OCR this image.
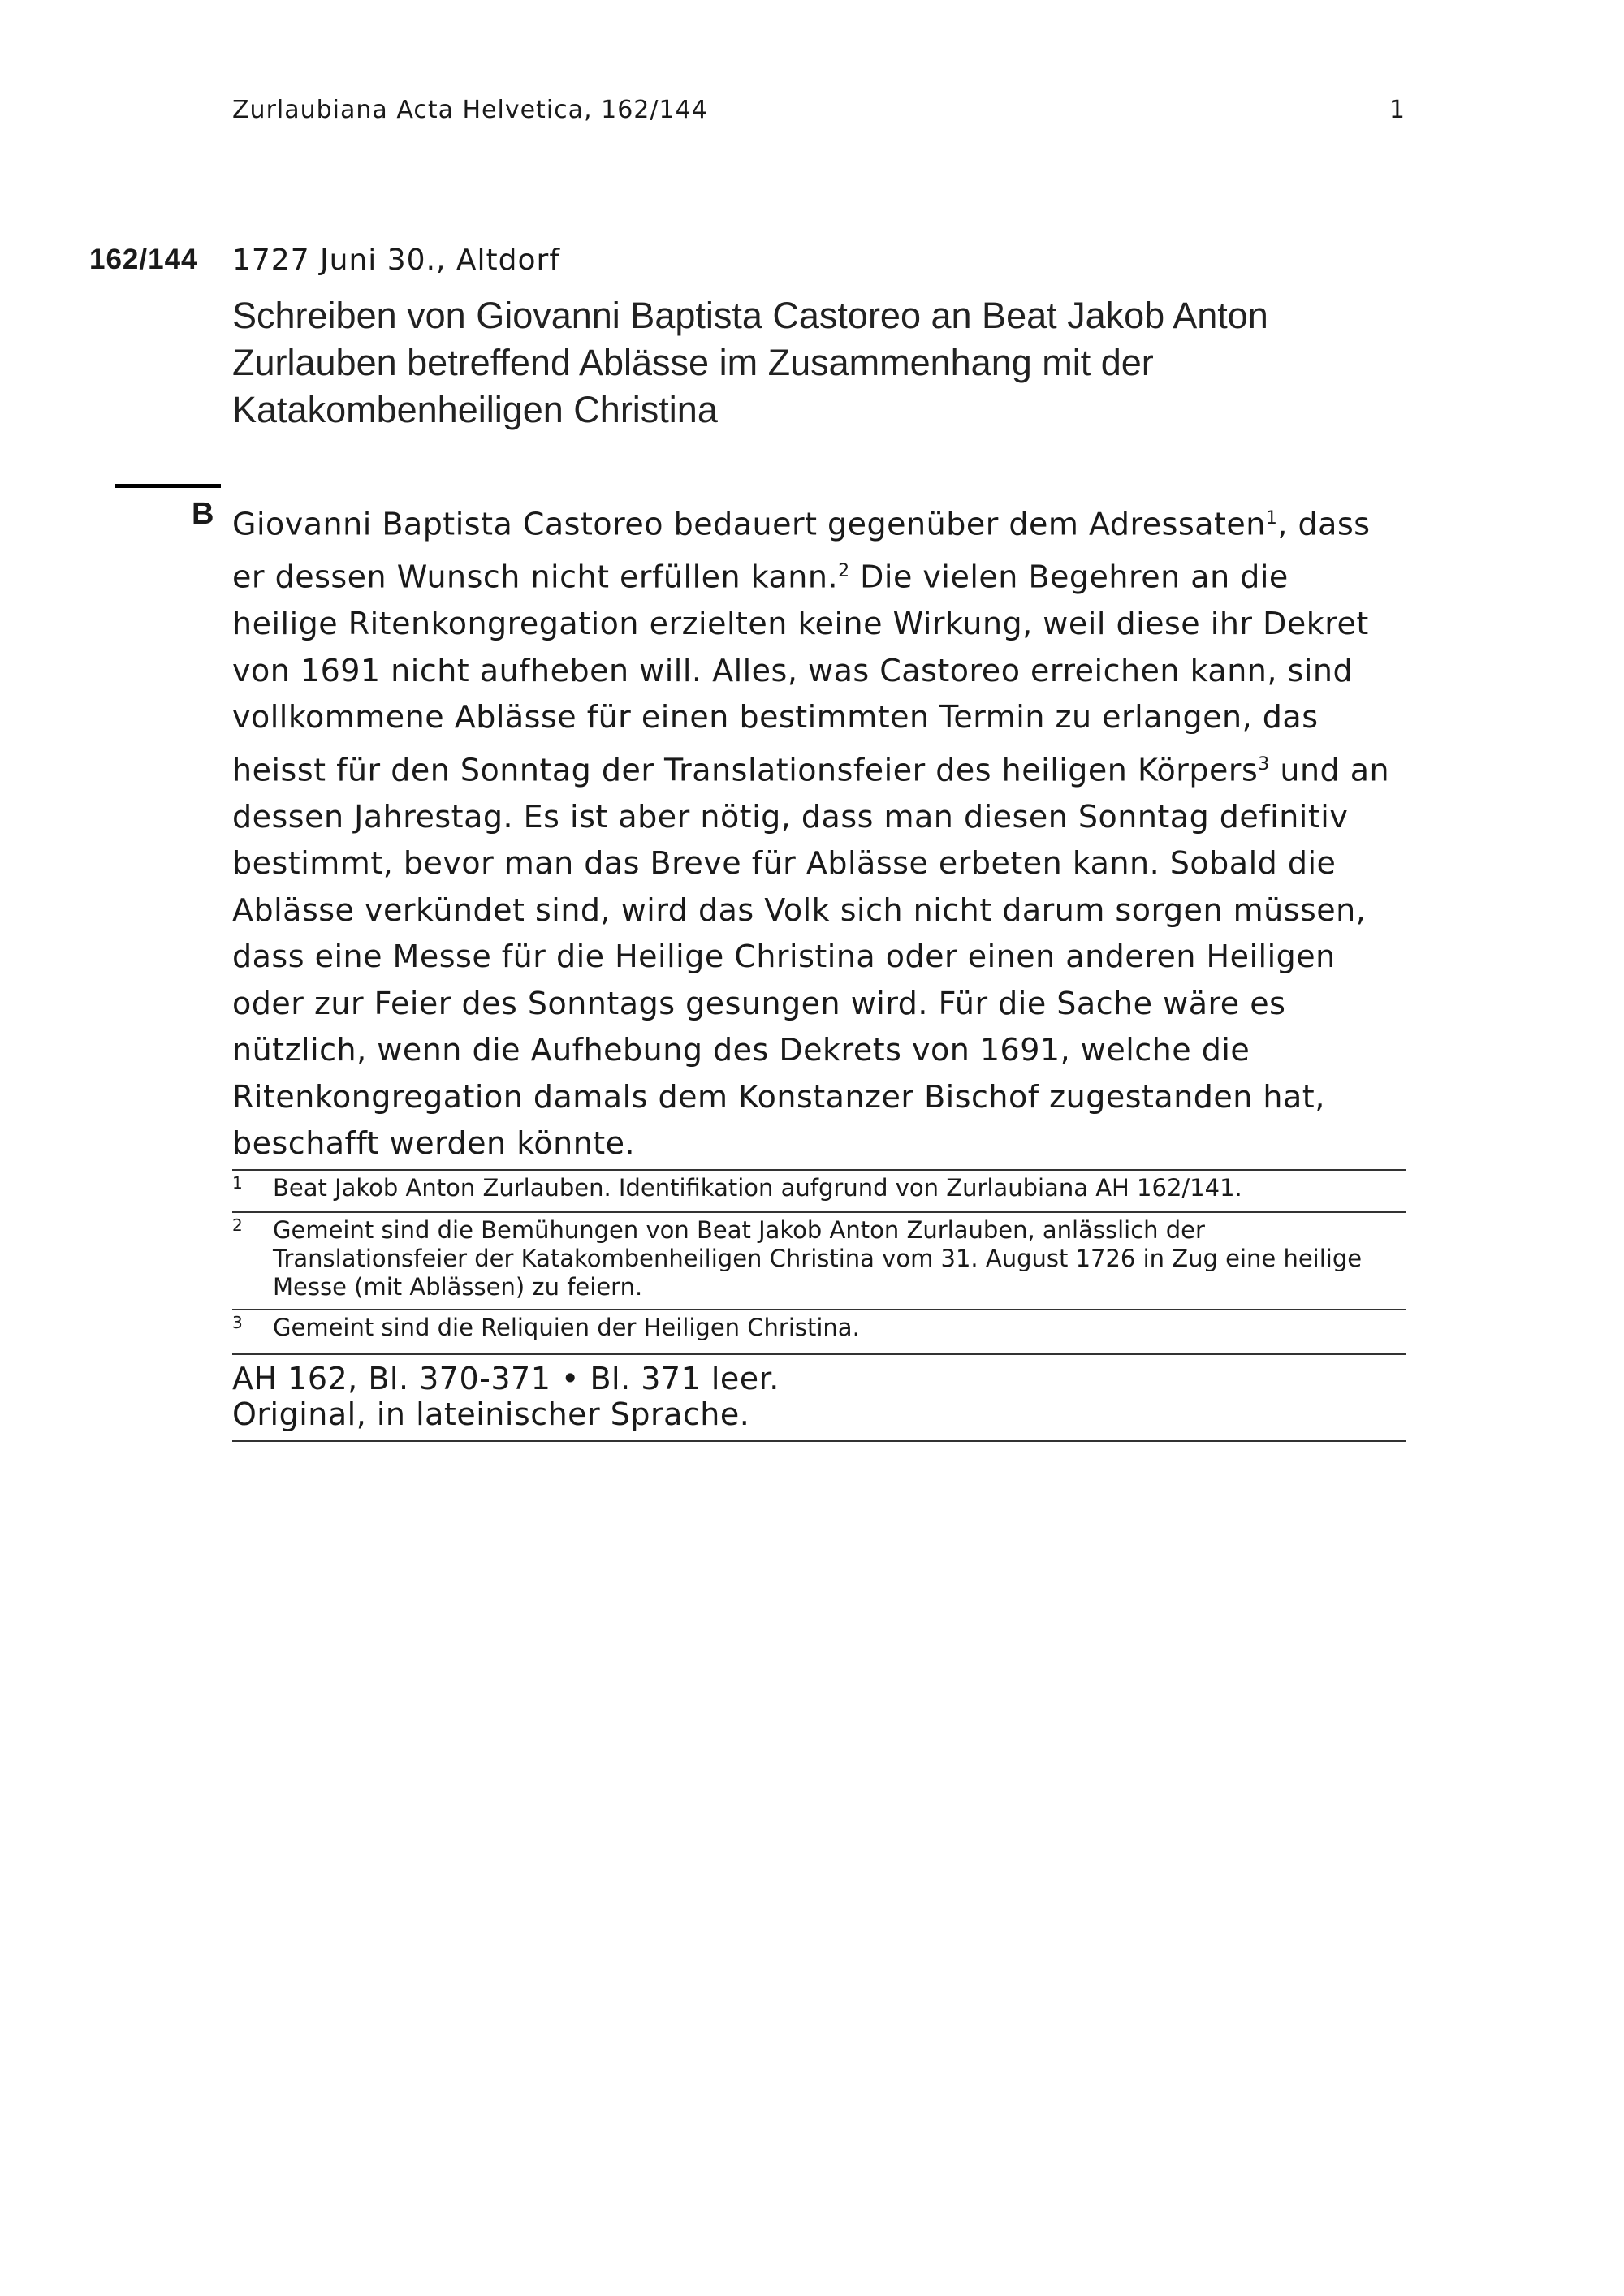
Zurlaubiana Acta Helvetica, 162/144	1
162/144 1727 Juni 30., Altdorf
Schreiben von Giovanni Baptista Castoreo an Beat Jakob Anton Zurlauben betreffend Ablässe im Zusammenhang mit der Katakombenheiligen Christina
B Giovanni Baptista Castoreo bedauert gegenüber dem Adressaten$^1$, dass er dessen Wunsch nicht erfüllen kann.$^2$ Die vielen Begehren an die heilige Ritenkongregation erzielten keine Wirkung, weil diese ihr Dekret von 1691 nicht aufheben will. Alles, was Castoreo erreichen kann, sind vollkommene Ablässe für einen bestimmten Termin zu erlangen, das heisst für den Sonntag der Translationsfeier des heiligen Körpers$^3$ und an dessen Jahrestag. Es ist aber nötig, dass man diesen Sonntag definitiv bestimmt, bevor man das Breve für Ablässe erbeten kann. Sobald die Ablässe verkündet sind, wird das Volk sich nicht darum sorgen müssen, dass eine Messe für die Heilige Christina oder einen anderen Heiligen oder zur Feier des Sonntags gesungen wird. Für die Sache wäre es nützlich, wenn die Aufhebung des Dekrets von 1691, welche die Ritenkongregation damals dem Konstanzer Bischof zugestanden hat, beschafft werden könnte.

1 Beat Jakob Anton Zurlauben. Identifikation aufgrund von Zurlaubiana AH 162/141.
2 Gemeint sind die Bemühungen von Beat Jakob Anton Zurlauben, anlässlich der Translationsfeier der Katakombenheiligen Christina vom 31. August 1726 in Zug eine heilige Messe (mit Ablässen) zu feiern.
3 Gemeint sind die Reliquien der Heiligen Christina.
AH 162, Bl. 370-371 • Bl. 371 leer.
Original, in lateinischer Sprache.
